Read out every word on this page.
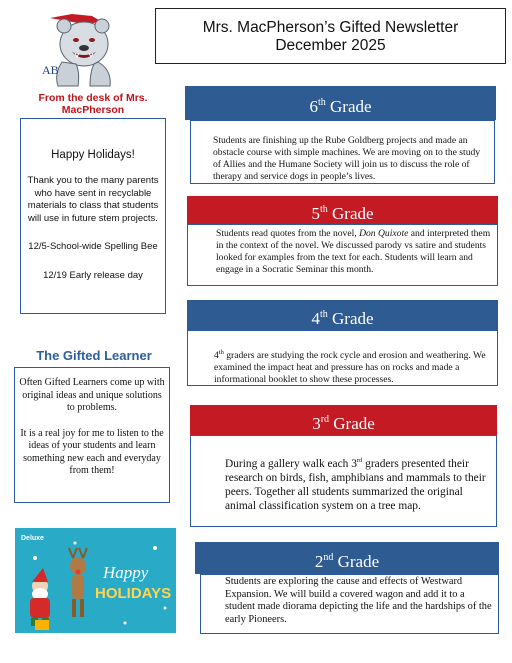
Mrs. MacPherson’s Gifted Newsletter
December 2025
AB
From the desk of Mrs. MacPherson

Happy Holidays!

Thank you to the many parents who have sent in recyclable materials to class that students will use in future stem projects.

12/5-School-wide Spelling Bee

12/19 Early release day

The Gifted Learner

Often Gifted Learners come up with original ideas and unique solutions to problems.

It is a real joy for me to listen to the ideas of your students and learn something new each and everyday from them!

Deluxe
Happy
HOLIDAYS
6th Grade
Students are finishing up the Rube Goldberg projects and made an obstacle course with simple machines. We are moving on to the study of Allies and the Humane Society will join us to discuss the role of therapy and service dogs in people’s lives.
5th Grade
Students read quotes from the novel, Don Quixote and interpreted them in the context of the novel. We discussed parody vs satire and students looked for examples from the text for each. Students will learn and engage in a Socratic Seminar this month.
4th Grade
4th graders are studying the rock cycle and erosion and weathering. We examined the impact heat and pressure has on rocks and made a informational booklet to show these processes.
3rd Grade
During a gallery walk each 3rd graders presented their research on birds, fish, amphibians and mammals to their peers. Together all students summarized the original animal classification system on a tree map.
2nd Grade
Students are exploring the cause and effects of Westward Expansion. We will build a covered wagon and add it to a student made diorama depicting the life and the hardships of the early Pioneers.
